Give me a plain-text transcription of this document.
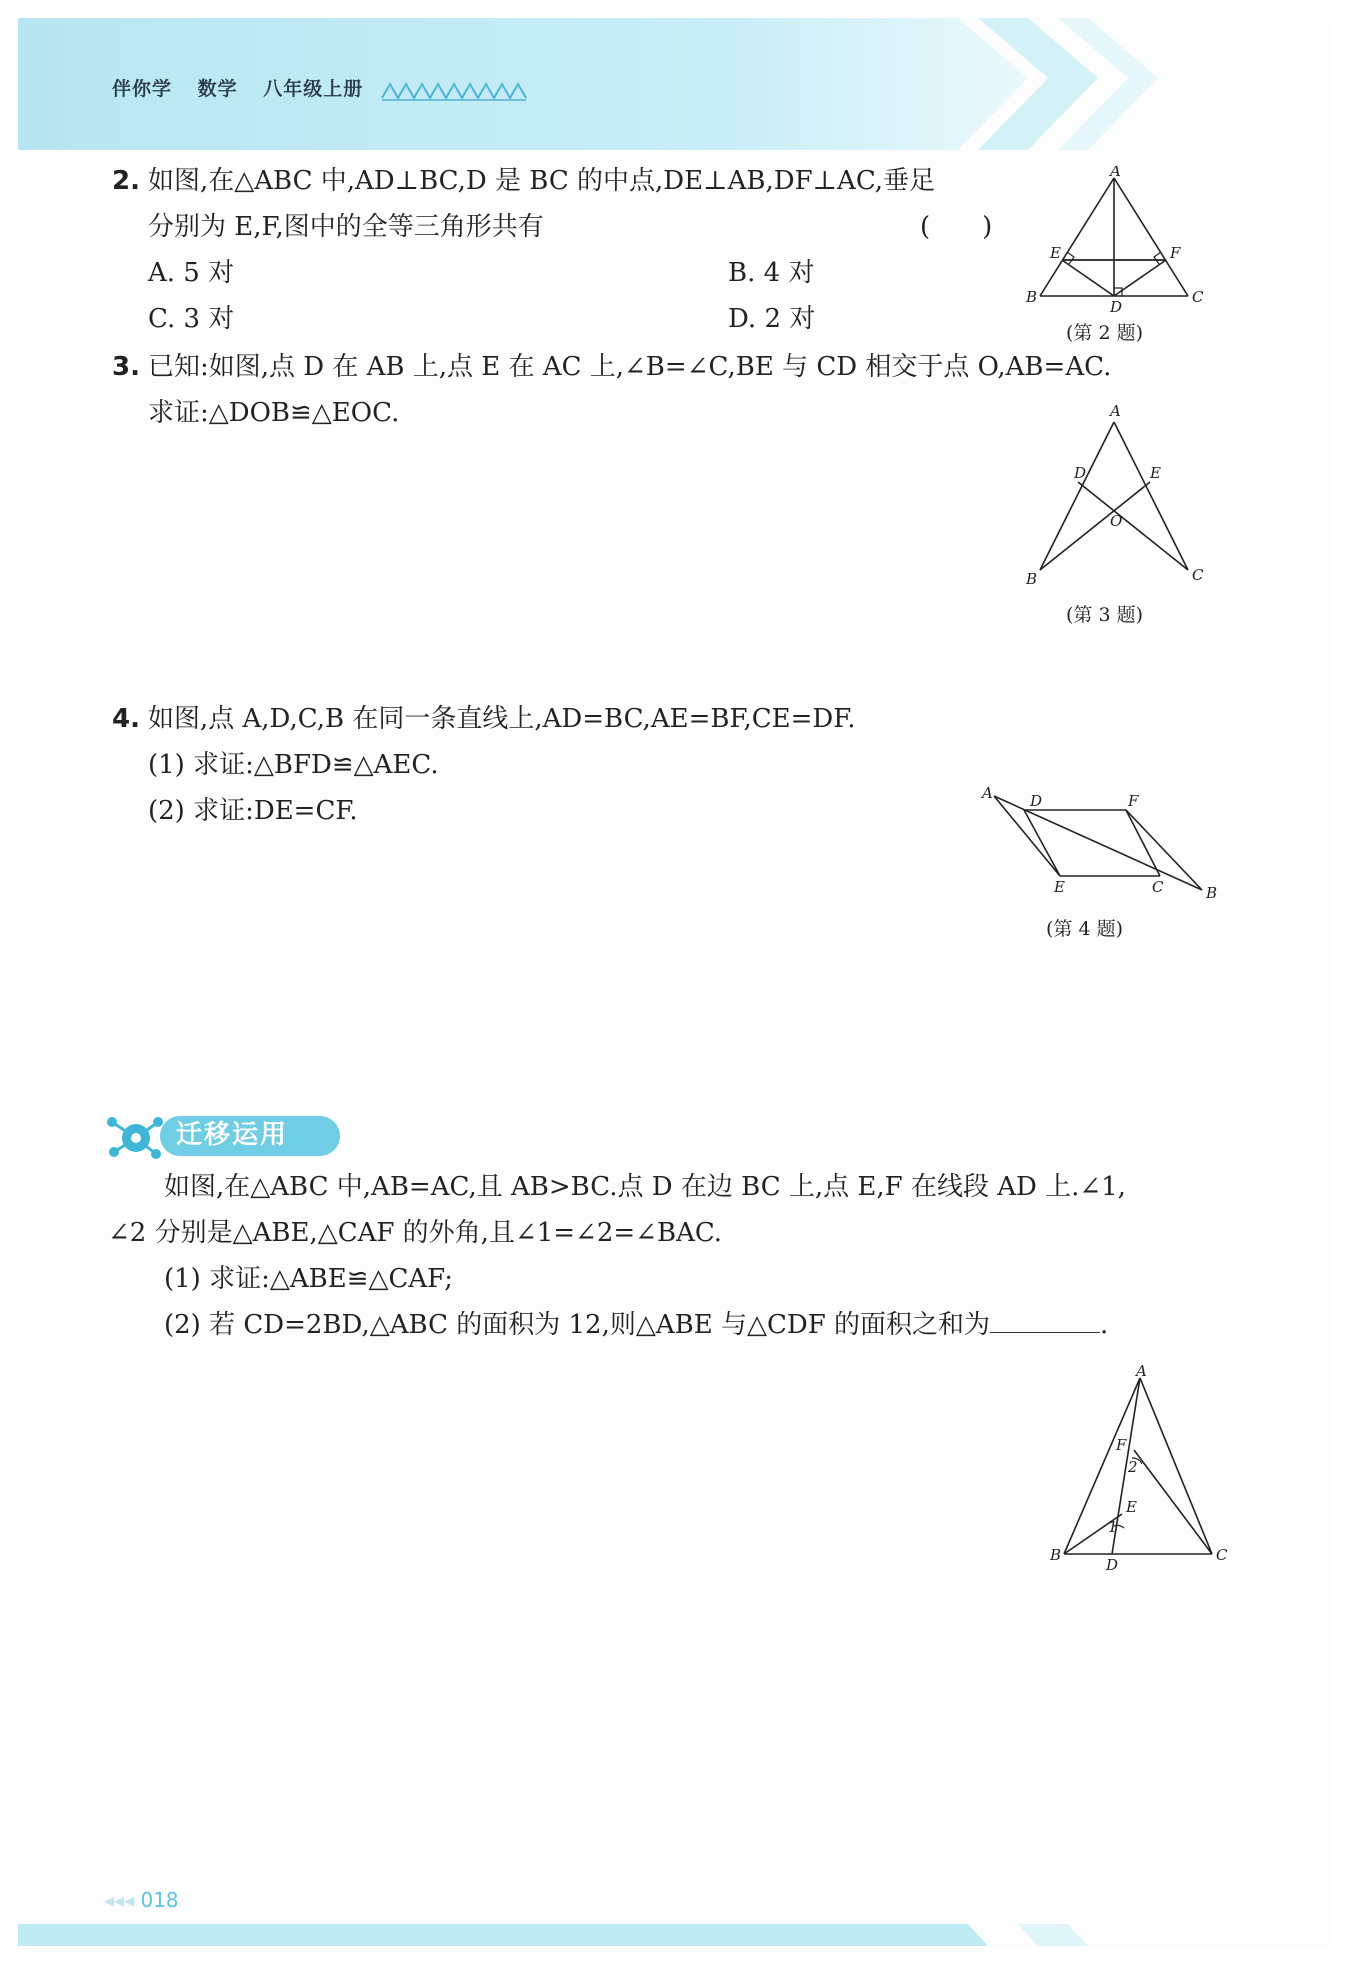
伴你学 数学 八年级上册
2. 如图,在△ABC 中,AD⊥BC,D 是 BC 的中点,DE⊥AB,DF⊥AC,垂足
分别为 E,F,图中的全等三角形共有	(　　)
A. 5 对	B. 4 对
C. 3 对	D. 2 对
A
B	C
D
E	F
(第 2 题)
3. 已知:如图,点 D 在 AB 上,点 E 在 AC 上,∠B=∠C,BE 与 CD 相交于点 O,AB=AC.
求证:△DOB≌△EOC.	A
B	C
D	E
O
(第 3 题)
4. 如图,点 A,D,C,B 在同一条直线上,AD=BC,AE=BF,CE=DF.
(1) 求证:△BFD≌△AEC.
(2) 求证:DE=CF.
A
B
C
D
E
F
(第 4 题)
迁移运用
如图,在△ABC 中,AB=AC,且 AB>BC.点 D 在边 BC 上,点 E,F 在线段 AD 上.∠1,
∠2 分别是△ABE,△CAF 的外角,且∠1=∠2=∠BAC.
(1) 求证:△ABE≌△CAF;
(2) 若 CD=2BD,△ABC 的面积为 12,则△ABE 与△CDF 的面积之和为	.
A
B	C
D
E
F
1
2
◂◂◂ 018
